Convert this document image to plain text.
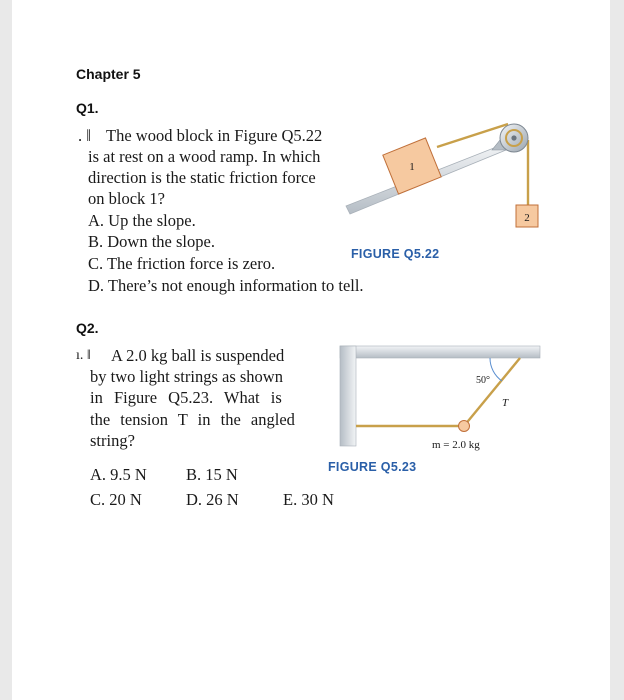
Chapter 5
Q1.
. ‖ The wood block in Figure Q5.22
is at rest on a wood ramp. In which
direction is the static friction force
on block 1?
A. Up the slope.
B. Down the slope.
C. The friction force is zero.
D. There’s not enough information to tell.
1
2
FIGURE Q5.22
Q2.
ı. ‖ A 2.0 kg ball is suspended
by two light strings as shown
in Figure Q5.23. What is
the tension T in the angled
string?
A. 9.5 N B. 15 N
C. 20 N	D. 26 N	E. 30 N
50°
T
m = 2.0 kg
FIGURE Q5.23
